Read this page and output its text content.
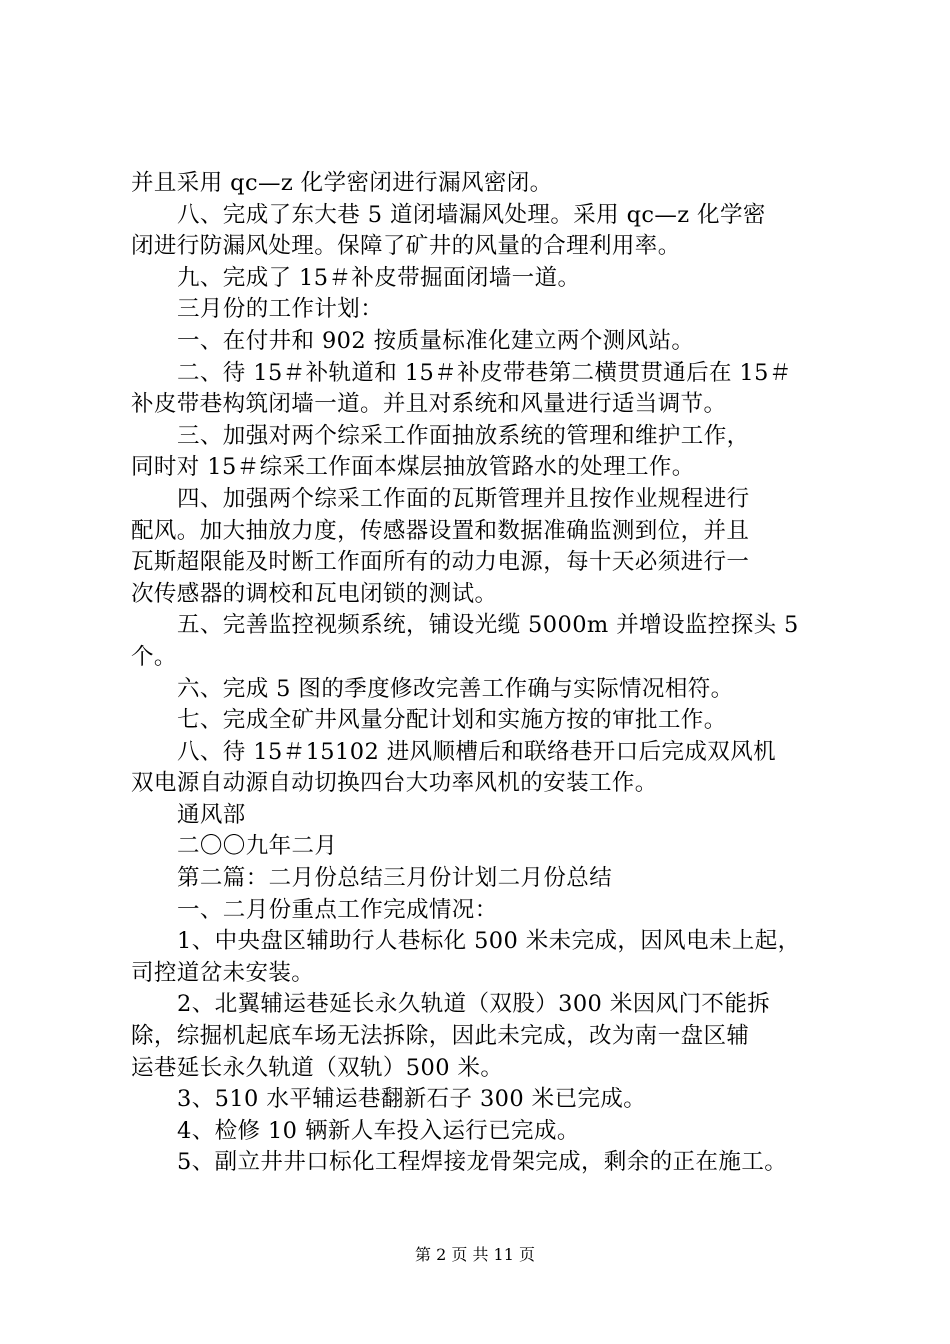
并且采用 qc—z 化学密闭进行漏风密闭。
八、完成了东大巷 5 道闭墙漏风处理。采用 qc—z 化学密
闭进行防漏风处理。保障了矿井的风量的合理利用率。
九、完成了 15＃补皮带掘面闭墙一道。
三月份的工作计划：
一、在付井和 902 按质量标准化建立两个测风站。
二、待 15＃补轨道和 15＃补皮带巷第二横贯贯通后在 15＃
补皮带巷构筑闭墙一道。并且对系统和风量进行适当调节。
三、加强对两个综采工作面抽放系统的管理和维护工作，
同时对 15＃综采工作面本煤层抽放管路水的处理工作。
四、加强两个综采工作面的瓦斯管理并且按作业规程进行
配风。加大抽放力度，传感器设置和数据准确监测到位，并且
瓦斯超限能及时断工作面所有的动力电源，每十天必须进行一
次传感器的调校和瓦电闭锁的测试。
五、完善监控视频系统，铺设光缆 5000m 并增设监控探头 5
个。
六、完成 5 图的季度修改完善工作确与实际情况相符。
七、完成全矿井风量分配计划和实施方按的审批工作。
八、待 15＃15102 进风顺槽后和联络巷开口后完成双风机
双电源自动源自动切换四台大功率风机的安装工作。
通风部
二〇〇九年二月
第二篇：二月份总结三月份计划二月份总结
一、二月份重点工作完成情况：
1、中央盘区辅助行人巷标化 500 米未完成，因风电未上起，
司控道岔未安装。
2、北翼辅运巷延长永久轨道（双股）300 米因风门不能拆
除，综掘机起底车场无法拆除，因此未完成，改为南一盘区辅
运巷延长永久轨道（双轨）500 米。
3、510 水平辅运巷翻新石子 300 米已完成。
4、检修 10 辆新人车投入运行已完成。
5、副立井井口标化工程焊接龙骨架完成，剩余的正在施工。
第 2 页 共 11 页
